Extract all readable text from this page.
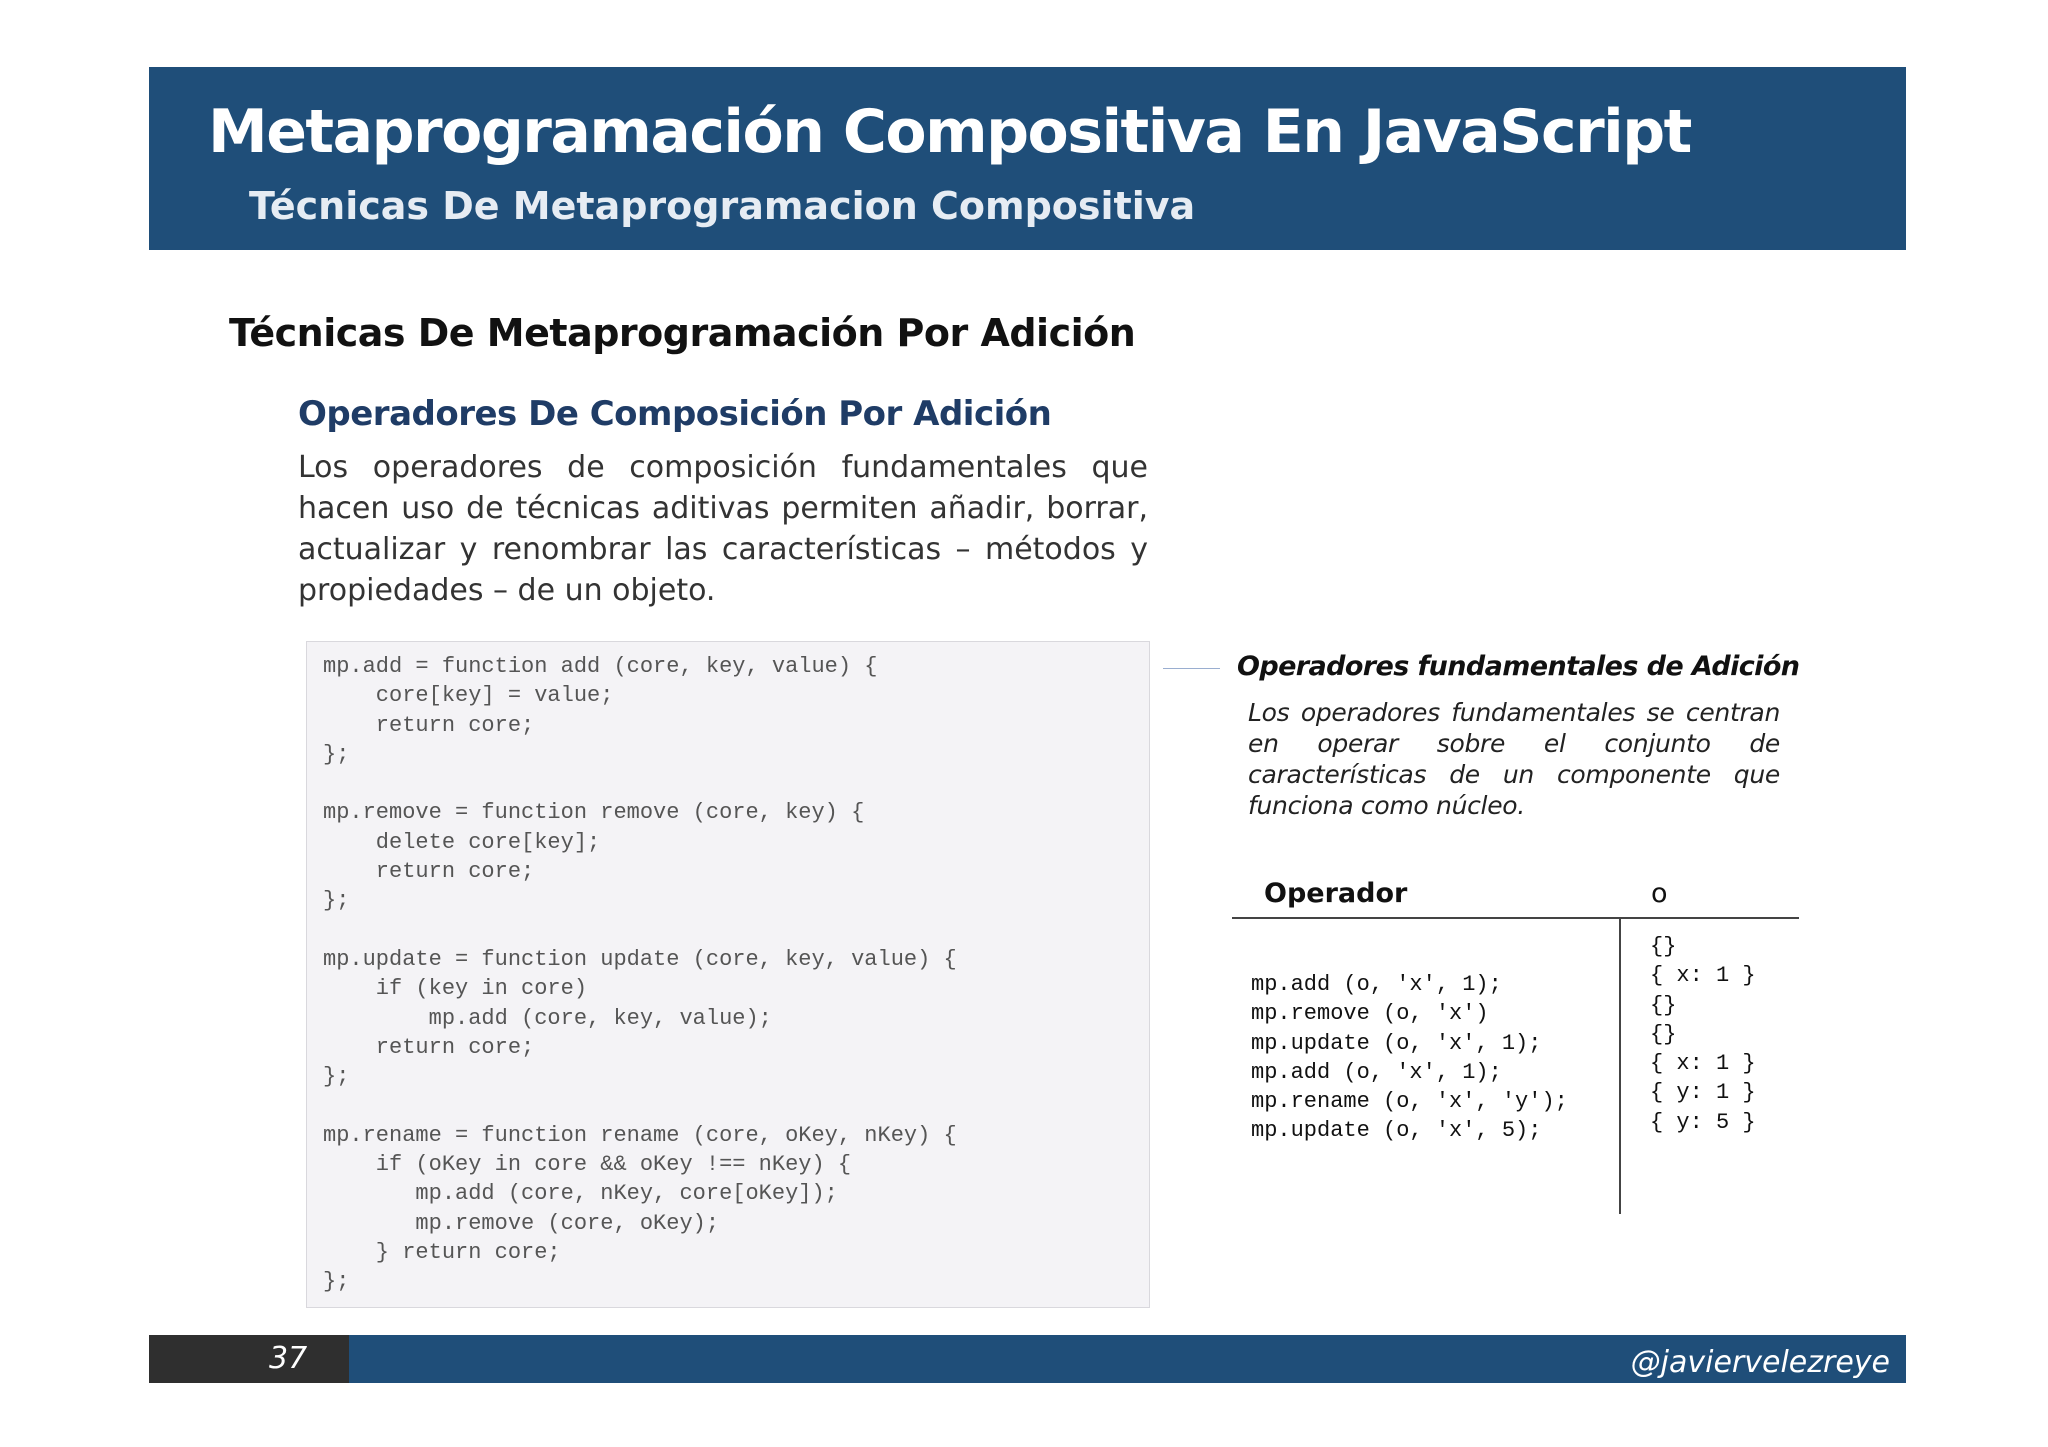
Metaprogramación Compositiva En JavaScript
Técnicas De Metaprogramacion Compositiva
Técnicas De Metaprogramación Por Adición
Operadores De Composición Por Adición

Los operadores de composición fundamentales que hacen uso de técnicas aditivas permiten añadir, borrar, actualizar y renombrar las características – métodos y propiedades – de un objeto.

mp.add = function add (core, key, value) {
core[key] = value;
return core;
};

mp.remove = function remove (core, key) {
delete core[key];
return core;
};

mp.update = function update (core, key, value) {
if (key in core)
mp.add (core, key, value);
return core;
};

mp.rename = function rename (core, oKey, nKey) {
if (oKey in core && oKey !== nKey) {
mp.add (core, nKey, core[oKey]);
mp.remove (core, oKey);
} return core;
};
Operadores fundamentales de Adición

Los operadores fundamentales se centran en operar sobre el conjunto de características de un componente que funciona como núcleo.

Operador	o
mp.add (o, 'x', 1);
mp.remove (o, 'x')
mp.update (o, 'x', 1);
mp.add (o, 'x', 1);
mp.rename (o, 'x', 'y');
mp.update (o, 'x', 5);
{}
{ x: 1 }
{}
{}
{ x: 1 }
{ y: 1 }
{ y: 5 }
37	@javiervelezreye
